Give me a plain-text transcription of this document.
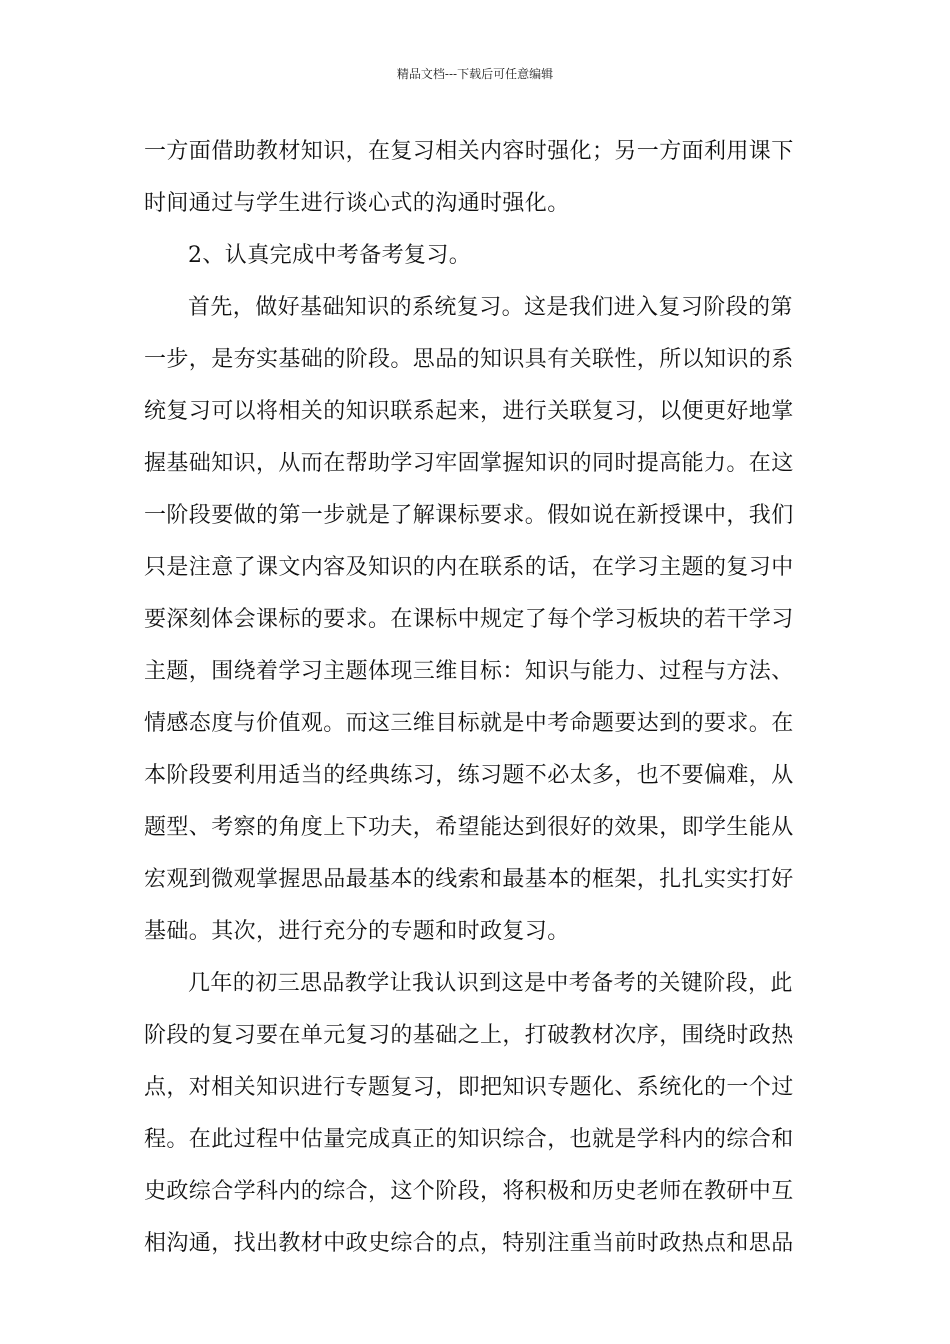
精品文档---下载后可任意编辑
一方面借助教材知识，在复习相关内容时强化；另一方面利用课下
时间通过与学生进行谈心式的沟通时强化。
2、认真完成中考备考复习。
首先，做好基础知识的系统复习。这是我们进入复习阶段的第
一步，是夯实基础的阶段。思品的知识具有关联性，所以知识的系
统复习可以将相关的知识联系起来，进行关联复习，以便更好地掌
握基础知识，从而在帮助学习牢固掌握知识的同时提高能力。在这
一阶段要做的第一步就是了解课标要求。假如说在新授课中，我们
只是注意了课文内容及知识的内在联系的话，在学习主题的复习中
要深刻体会课标的要求。在课标中规定了每个学习板块的若干学习
主题，围绕着学习主题体现三维目标：知识与能力、过程与方法、
情感态度与价值观。而这三维目标就是中考命题要达到的要求。在
本阶段要利用适当的经典练习，练习题不必太多，也不要偏难，从
题型、考察的角度上下功夫，希望能达到很好的效果，即学生能从
宏观到微观掌握思品最基本的线索和最基本的框架，扎扎实实打好
基础。其次，进行充分的专题和时政复习。
几年的初三思品教学让我认识到这是中考备考的关键阶段，此
阶段的复习要在单元复习的基础之上，打破教材次序，围绕时政热
点，对相关知识进行专题复习，即把知识专题化、系统化的一个过
程。在此过程中估量完成真正的知识综合，也就是学科内的综合和
史政综合学科内的综合，这个阶段，将积极和历史老师在教研中互
相沟通，找出教材中政史综合的点，特别注重当前时政热点和思品
